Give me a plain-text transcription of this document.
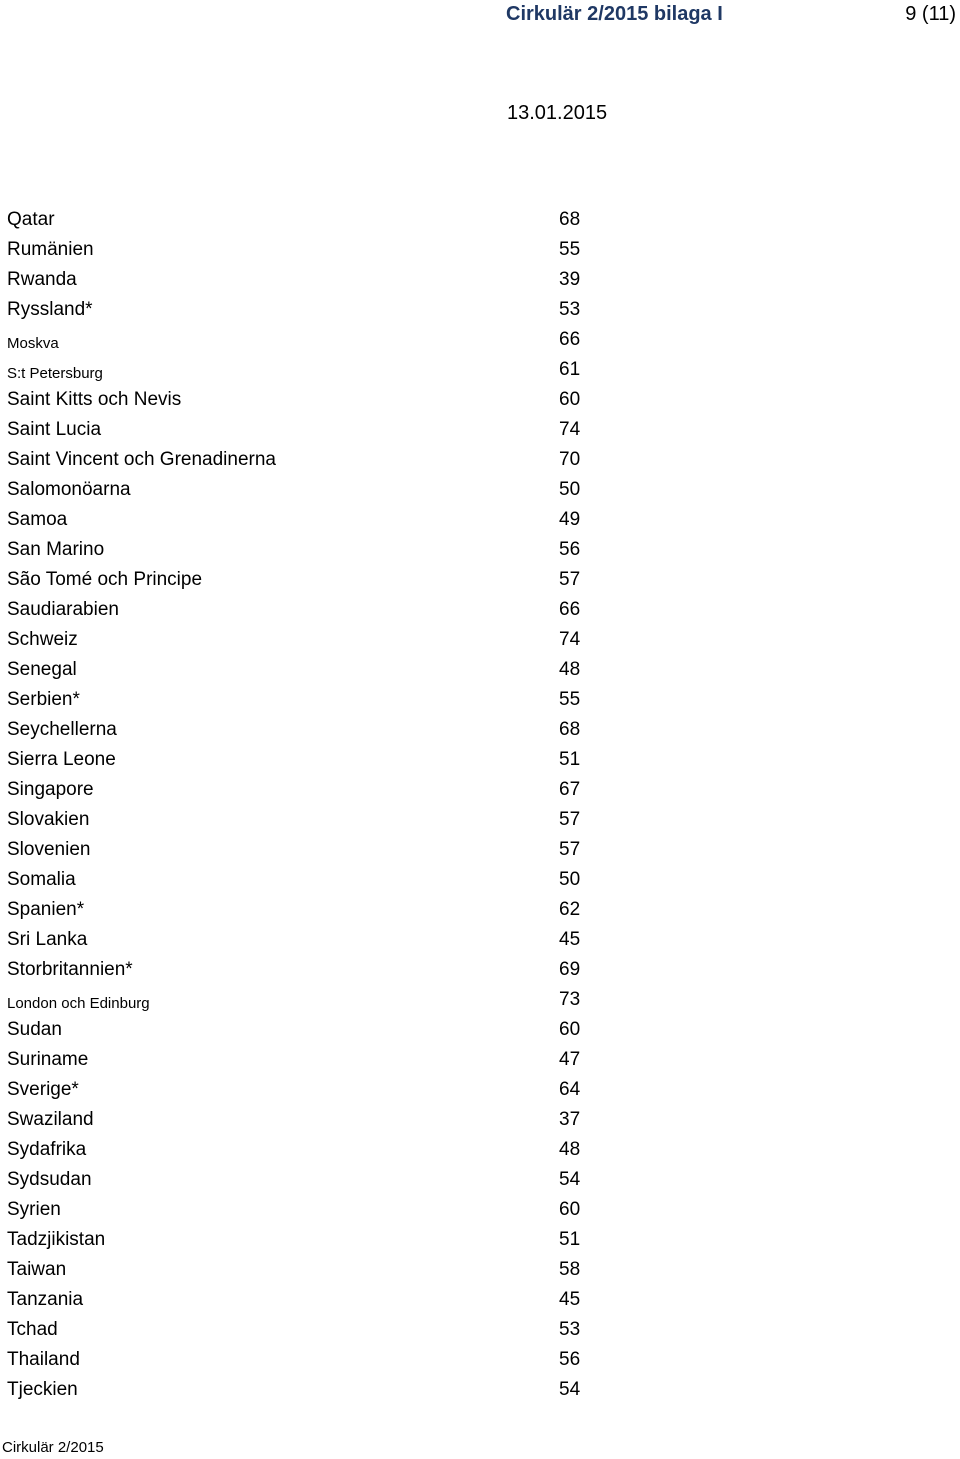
Cirkulär 2/2015 bilaga I	9 (11)
13.01.2015
Qatar	68
Rumänien	55
Rwanda	39
Ryssland*	53
Moskva	66
S:t Petersburg	61
Saint Kitts och Nevis	60
Saint Lucia	74
Saint Vincent och Grenadinerna	70
Salomonöarna	50
Samoa	49
San Marino	56
São Tomé och Principe	57
Saudiarabien	66
Schweiz	74
Senegal	48
Serbien*	55
Seychellerna	68
Sierra Leone	51
Singapore	67
Slovakien	57
Slovenien	57
Somalia	50
Spanien*	62
Sri Lanka	45
Storbritannien*	69
London och Edinburg	73
Sudan	60
Suriname	47
Sverige*	64
Swaziland	37
Sydafrika	48
Sydsudan	54
Syrien	60
Tadzjikistan	51
Taiwan	58
Tanzania	45
Tchad	53
Thailand	56
Tjeckien	54
Cirkulär 2/2015
